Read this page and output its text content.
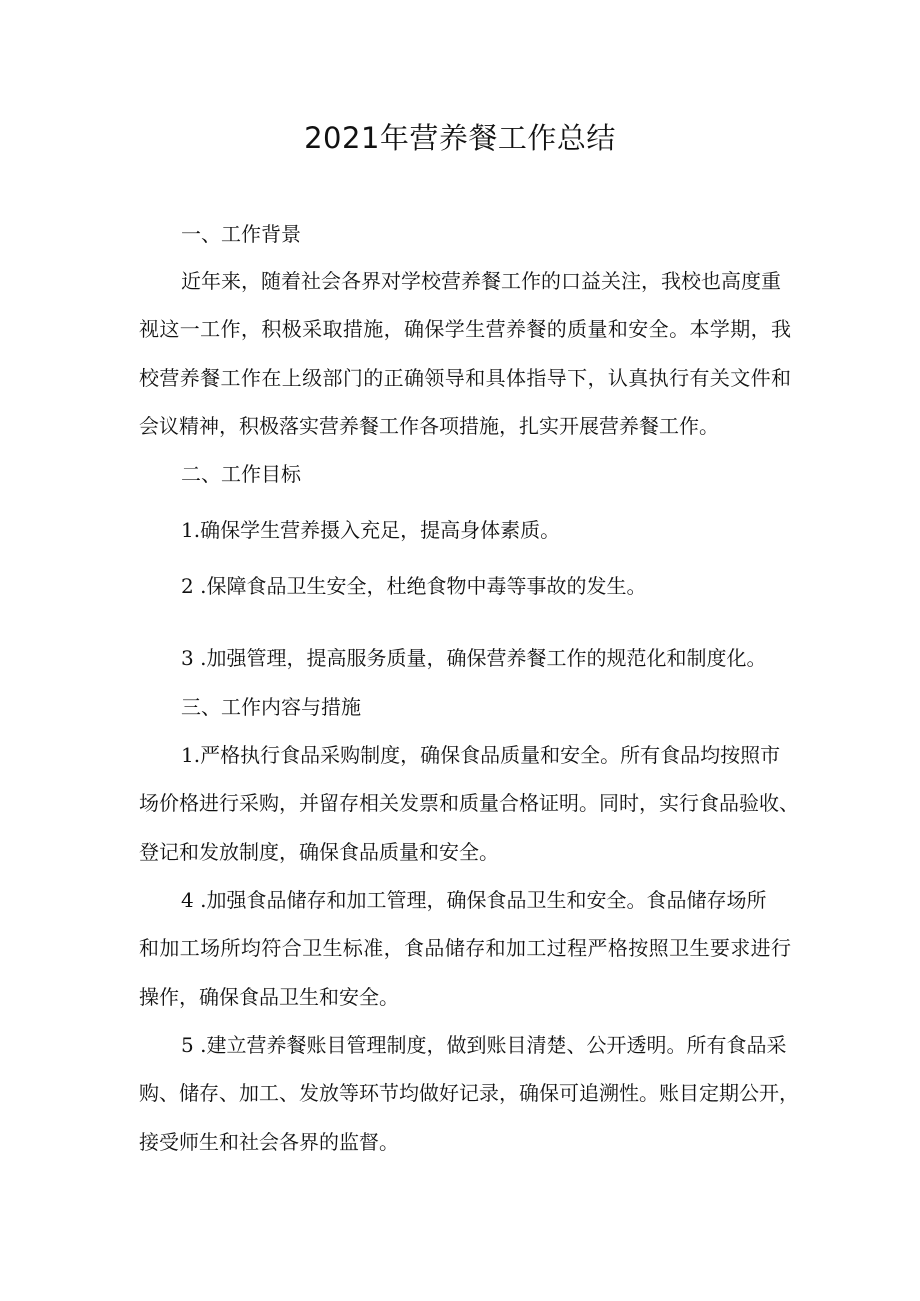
2021年营养餐工作总结
一、工作背景
近年来，随着社会各界对学校营养餐工作的口益关注，我校也高度重
视这一工作，积极采取措施，确保学生营养餐的质量和安全。本学期，我
校营养餐工作在上级部门的正确领导和具体指导下，认真执行有关文件和
会议精神，积极落实营养餐工作各项措施，扎实开展营养餐工作。
二、工作目标
1.确保学生营养摄入充足，提高身体素质。
2 .保障食品卫生安全，杜绝食物中毒等事故的发生。
3 .加强管理，提高服务质量，确保营养餐工作的规范化和制度化。
三、工作内容与措施
1.严格执行食品采购制度，确保食品质量和安全。所有食品均按照市
场价格进行采购，并留存相关发票和质量合格证明。同时，实行食品验收、
登记和发放制度，确保食品质量和安全。
4 .加强食品储存和加工管理，确保食品卫生和安全。食品储存场所
和加工场所均符合卫生标准，食品储存和加工过程严格按照卫生要求进行
操作，确保食品卫生和安全。
5 .建立营养餐账目管理制度，做到账目清楚、公开透明。所有食品采
购、储存、加工、发放等环节均做好记录，确保可追溯性。账目定期公开，
接受师生和社会各界的监督。
